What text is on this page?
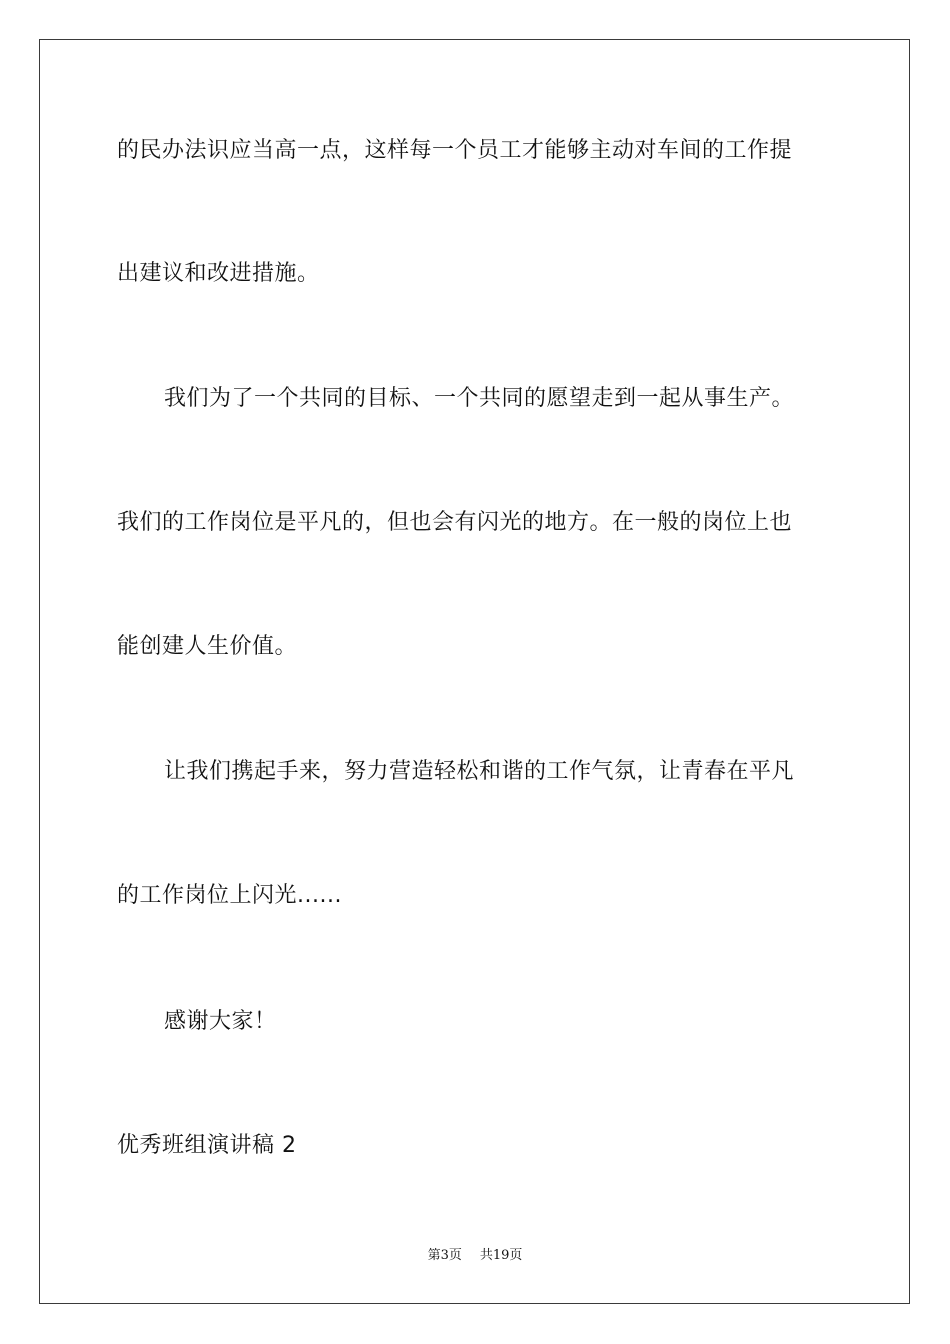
的民办法识应当高一点，这样每一个员工才能够主动对车间的工作提
出建议和改进措施。
我们为了一个共同的目标、一个共同的愿望走到一起从事生产。
我们的工作岗位是平凡的，但也会有闪光的地方。在一般的岗位上也
能创建人生价值。
让我们携起手来，努力营造轻松和谐的工作气氛，让青春在平凡
的工作岗位上闪光......
感谢大家！
优秀班组演讲稿 2
第3页 共19页
